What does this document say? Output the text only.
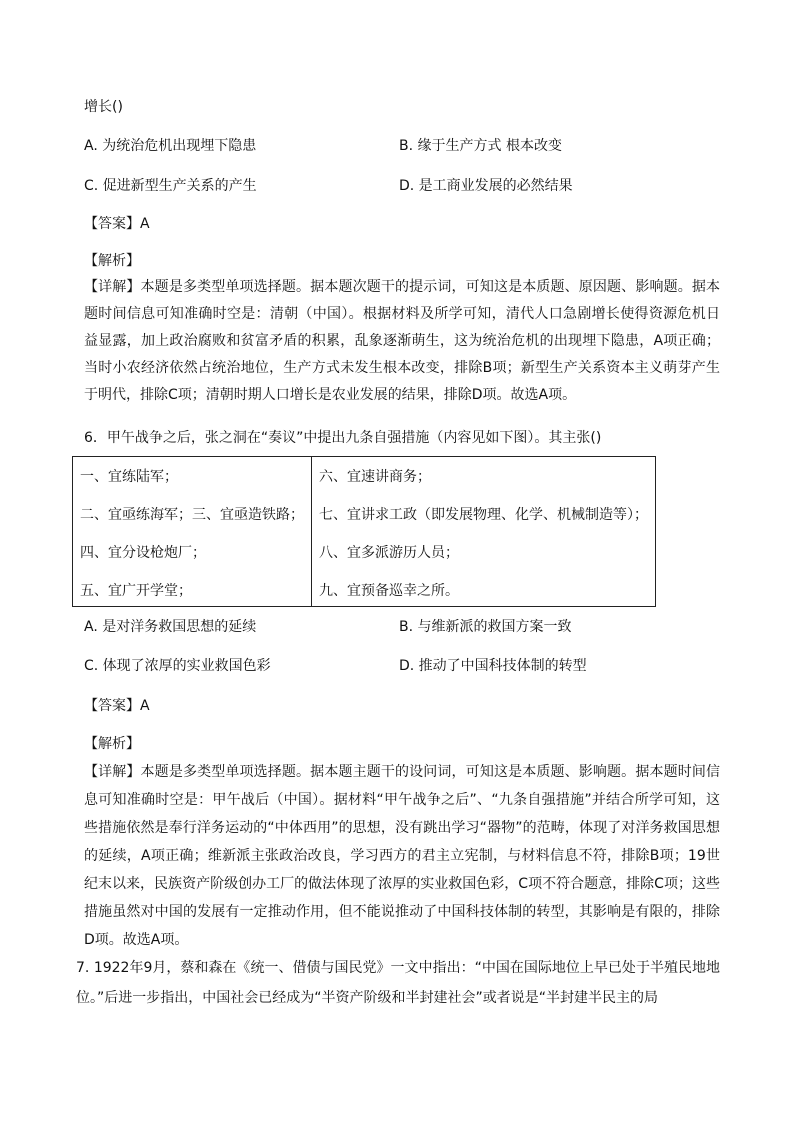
增长()
A. 为统治危机出现埋下隐患	B. 缘于生产方式 根本改变
C. 促进新型生产关系的产生	D. 是工商业发展的必然结果
【答案】A
【解析】
【详解】本题是多类型单项选择题。据本题次题干的提示词，可知这是本质题、原因题、影响题。据本题时间信息可知准确时空是：清朝（中国）。根据材料及所学可知，清代人口急剧增长使得资源危机日益显露，加上政治腐败和贫富矛盾的积累，乱象逐渐萌生，这为统治危机的出现埋下隐患，A项正确；当时小农经济依然占统治地位，生产方式未发生根本改变，排除B项；新型生产关系资本主义萌芽产生于明代，排除C项；清朝时期人口增长是农业发展的结果，排除D项。故选A项。
6．甲午战争之后，张之洞在“奏议”中提出九条自强措施（内容见如下图）。其主张()
一、宜练陆军；
二、宜亟练海军；三、宜亟造铁路；
四、宜分设枪炮厂；
五、宜广开学堂；

六、宜速讲商务；
七、宜讲求工政（即发展物理、化学、机械制造等）；
八、宜多派游历人员；
九、宜预备巡幸之所。
A. 是对洋务救国思想的延续	B. 与维新派的救国方案一致
C. 体现了浓厚的实业救国色彩	D. 推动了中国科技体制的转型
【答案】A
【解析】
【详解】本题是多类型单项选择题。据本题主题干的设问词，可知这是本质题、影响题。据本题时间信息可知准确时空是：甲午战后（中国）。据材料“甲午战争之后”、“九条自强措施”并结合所学可知，这些措施依然是奉行洋务运动的“中体西用”的思想，没有跳出学习“器物”的范畴，体现了对洋务救国思想的延续，A项正确；维新派主张政治改良，学习西方的君主立宪制，与材料信息不符，排除B项；19世纪末以来，民族资产阶级创办工厂的做法体现了浓厚的实业救国色彩，C项不符合题意，排除C项；这些措施虽然对中国的发展有一定推动作用，但不能说推动了中国科技体制的转型，其影响是有限的，排除D项。故选A项。
7. 1922年9月，蔡和森在《统一、借债与国民党》一文中指出：“中国在国际地位上早已处于半殖民地地位。”后进一步指出，中国社会已经成为“半资产阶级和半封建社会”或者说是“半封建半民主的局
